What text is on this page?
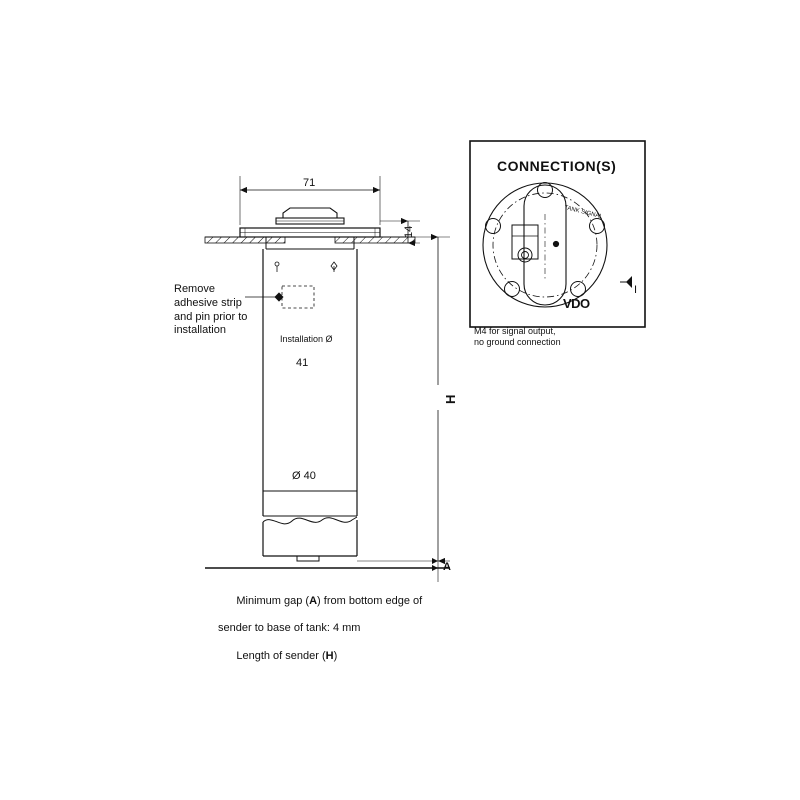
71
14
Installation Ø
41
Ø 40
H
A
Remove
adhesive strip
and pin prior to
installation

Minimum gap (A) from bottom edge of

sender to base of tank: 4 mm

Length of sender (H)

CONNECTION(S)
TANK SIGNAL
VDO
I
M4 for signal output,
no ground connection
